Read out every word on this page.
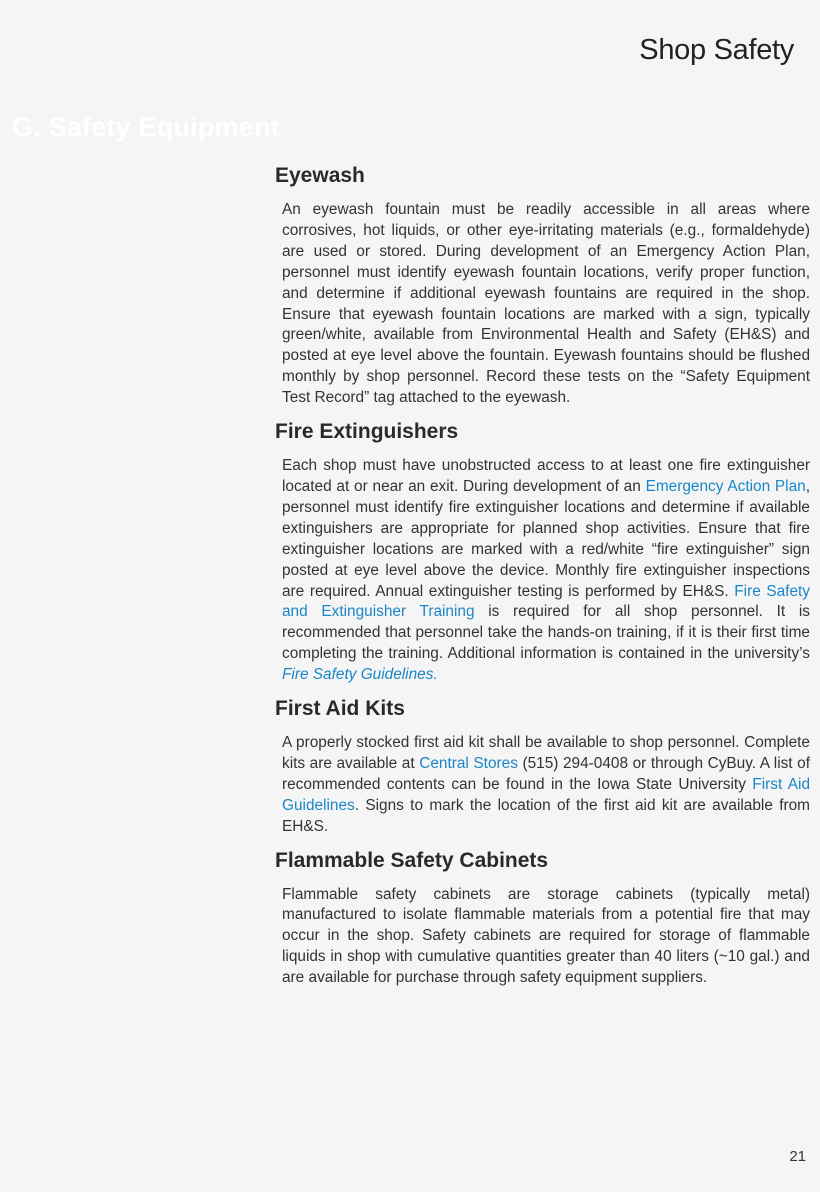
Shop Safety
G. Safety Equipment
Eyewash

An eyewash fountain must be readily accessible in all areas where corrosives, hot liquids, or other eye-irritating materials (e.g., formaldehyde) are used or stored. During development of an Emergency Action Plan, personnel must identify eyewash fountain locations, verify proper function, and determine if additional eyewash fountains are required in the shop. Ensure that eyewash fountain locations are marked with a sign, typically green/white, available from Environmental Health and Safety (EH&S) and posted at eye level above the fountain. Eyewash fountains should be flushed monthly by shop personnel. Record these tests on the “Safety Equipment Test Record” tag attached to the eyewash.

Fire Extinguishers

Each shop must have unobstructed access to at least one fire extinguisher located at or near an exit. During development of an Emergency Action Plan, personnel must identify fire extinguisher locations and determine if available extinguishers are appropriate for planned shop activities. Ensure that fire extinguisher locations are marked with a red/white “fire extinguisher” sign posted at eye level above the device. Monthly fire extinguisher inspections are required. Annual extinguisher testing is performed by EH&S. Fire Safety and Extinguisher Training is required for all shop personnel. It is recommended that personnel take the hands-on training, if it is their first time completing the training. Additional information is contained in the university’s Fire Safety Guidelines.

First Aid Kits

A properly stocked first aid kit shall be available to shop personnel. Complete kits are available at Central Stores (515) 294-0408 or through CyBuy. A list of recommended contents can be found in the Iowa State University First Aid Guidelines. Signs to mark the location of the first aid kit are available from EH&S.

Flammable Safety Cabinets

Flammable safety cabinets are storage cabinets (typically metal) manufactured to isolate flammable materials from a potential fire that may occur in the shop. Safety cabinets are required for storage of flammable liquids in shop with cumulative quantities greater than 40 liters (~10 gal.) and are available for purchase through safety equipment suppliers.

21
